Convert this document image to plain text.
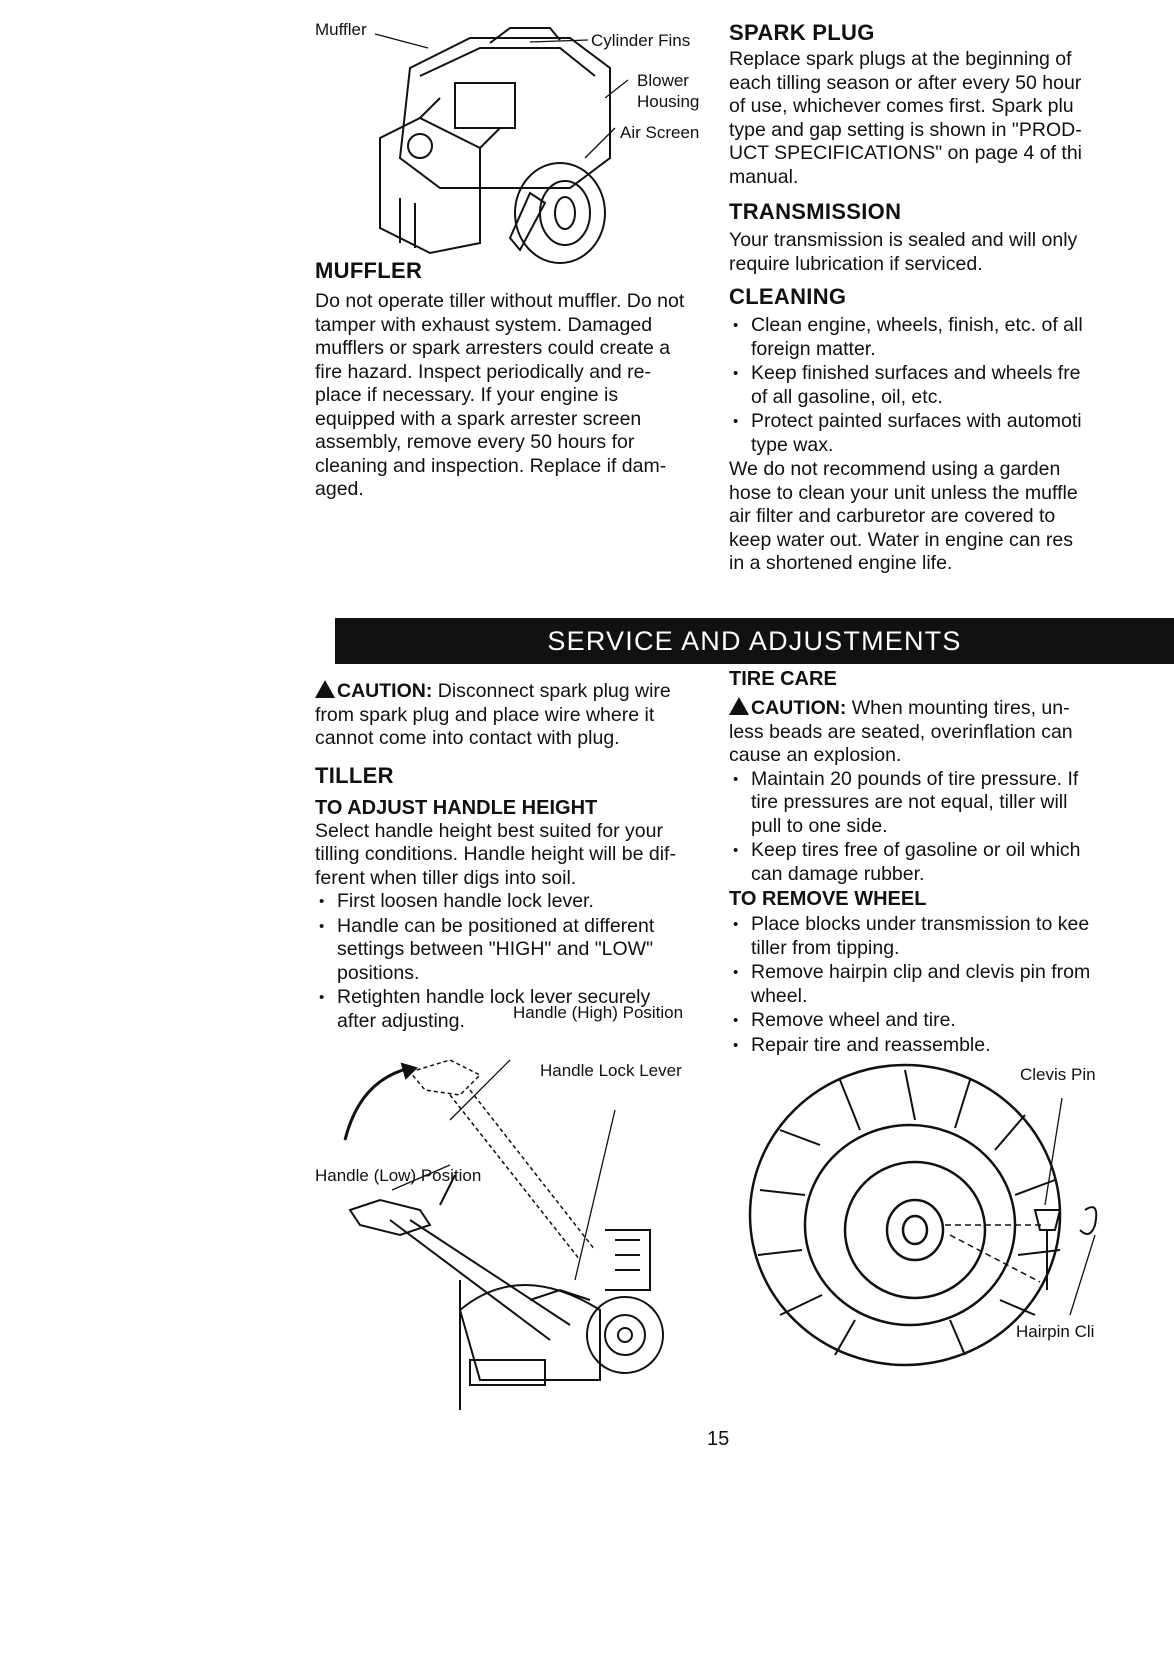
Muffler
Cylinder Fins
Blower
Housing
Air Screen
MUFFLER
Do not operate tiller without muffler. Do not
tamper with exhaust system. Damaged
mufflers or spark arresters could create a
fire hazard. Inspect periodically and re-
place if necessary. If your engine is
equipped with a spark arrester screen
assembly, remove every 50 hours for
cleaning and inspection. Replace if dam-
aged.
SPARK PLUG
Replace spark plugs at the beginning of
each tilling season or after every 50 hour
of use, whichever comes first. Spark plu
type and gap setting is shown in "PROD-
UCT SPECIFICATIONS" on page 4 of thi
manual.
TRANSMISSION
Your transmission is sealed and will only
require lubrication if serviced.
CLEANING
• Clean engine, wheels, finish, etc. of all
foreign matter.
• Keep finished surfaces and wheels fre
of all gasoline, oil, etc.
• Protect painted surfaces with automoti
type wax.
We do not recommend using a garden
hose to clean your unit unless the muffle
air filter and carburetor are covered to
keep water out. Water in engine can res
in a shortened engine life.
SERVICE AND ADJUSTMENTS
CAUTION: Disconnect spark plug wire
from spark plug and place wire where it
cannot come into contact with plug.
TILLER
TO ADJUST HANDLE HEIGHT
Select handle height best suited for your
tilling conditions. Handle height will be dif-
ferent when tiller digs into soil.
• First loosen handle lock lever.
• Handle can be positioned at different
settings between "HIGH" and "LOW"
positions.
• Retighten handle lock lever securely
after adjusting.	Handle (High) Position
Handle Lock Lever
Handle (Low) Position
TIRE CARE
CAUTION: When mounting tires, un-
less beads are seated, overinflation can
cause an explosion.
• Maintain 20 pounds of tire pressure. If
tire pressures are not equal, tiller will
pull to one side.
• Keep tires free of gasoline or oil which
can damage rubber.
TO REMOVE WHEEL
• Place blocks under transmission to kee
tiller from tipping.
• Remove hairpin clip and clevis pin from
wheel.
• Remove wheel and tire.
• Repair tire and reassemble.
Clevis Pin
Hairpin Cli
15
